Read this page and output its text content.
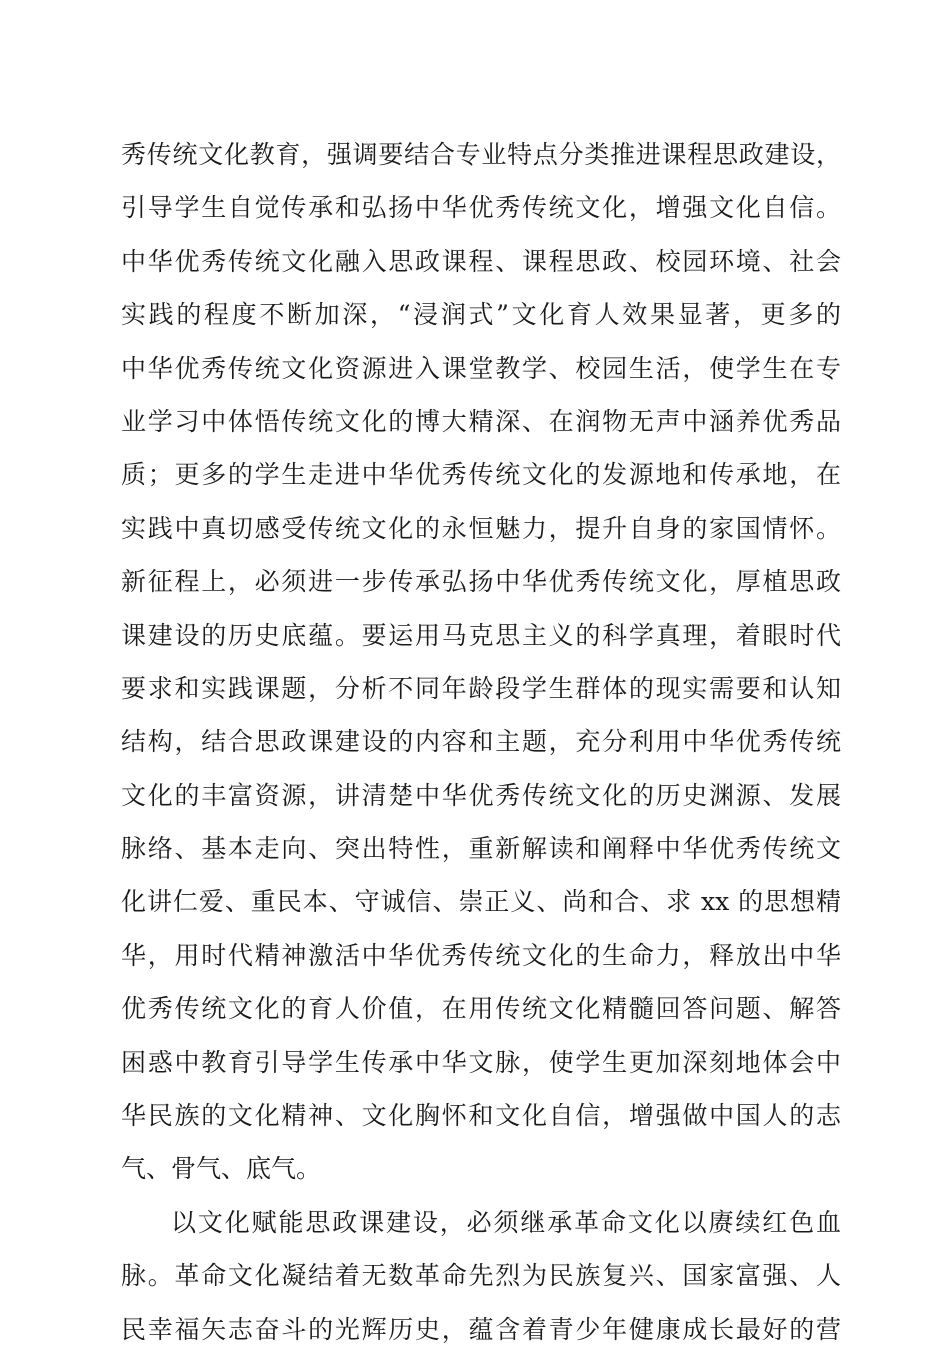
秀传统文化教育，强调要结合专业特点分类推进课程思政建设，
引导学生自觉传承和弘扬中华优秀传统文化，增强文化自信。
中华优秀传统文化融入思政课程、课程思政、校园环境、社会
实践的程度不断加深，“浸润式”文化育人效果显著，更多的
中华优秀传统文化资源进入课堂教学、校园生活，使学生在专
业学习中体悟传统文化的博大精深、在润物无声中涵养优秀品
质；更多的学生走进中华优秀传统文化的发源地和传承地，在
实践中真切感受传统文化的永恒魅力，提升自身的家国情怀。
新征程上，必须进一步传承弘扬中华优秀传统文化，厚植思政
课建设的历史底蕴。要运用马克思主义的科学真理，着眼时代
要求和实践课题，分析不同年龄段学生群体的现实需要和认知
结构，结合思政课建设的内容和主题，充分利用中华优秀传统
文化的丰富资源，讲清楚中华优秀传统文化的历史渊源、发展
脉络、基本走向、突出特性，重新解读和阐释中华优秀传统文
化讲仁爱、重民本、守诚信、崇正义、尚和合、求 xx 的思想精
华，用时代精神激活中华优秀传统文化的生命力，释放出中华
优秀传统文化的育人价值，在用传统文化精髓回答问题、解答
困惑中教育引导学生传承中华文脉，使学生更加深刻地体会中
华民族的文化精神、文化胸怀和文化自信，增强做中国人的志
气、骨气、底气。
以文化赋能思政课建设，必须继承革命文化以赓续红色血
脉。革命文化凝结着无数革命先烈为民族复兴、国家富强、人
民幸福矢志奋斗的光辉历史，蕴含着青少年健康成长最好的营
